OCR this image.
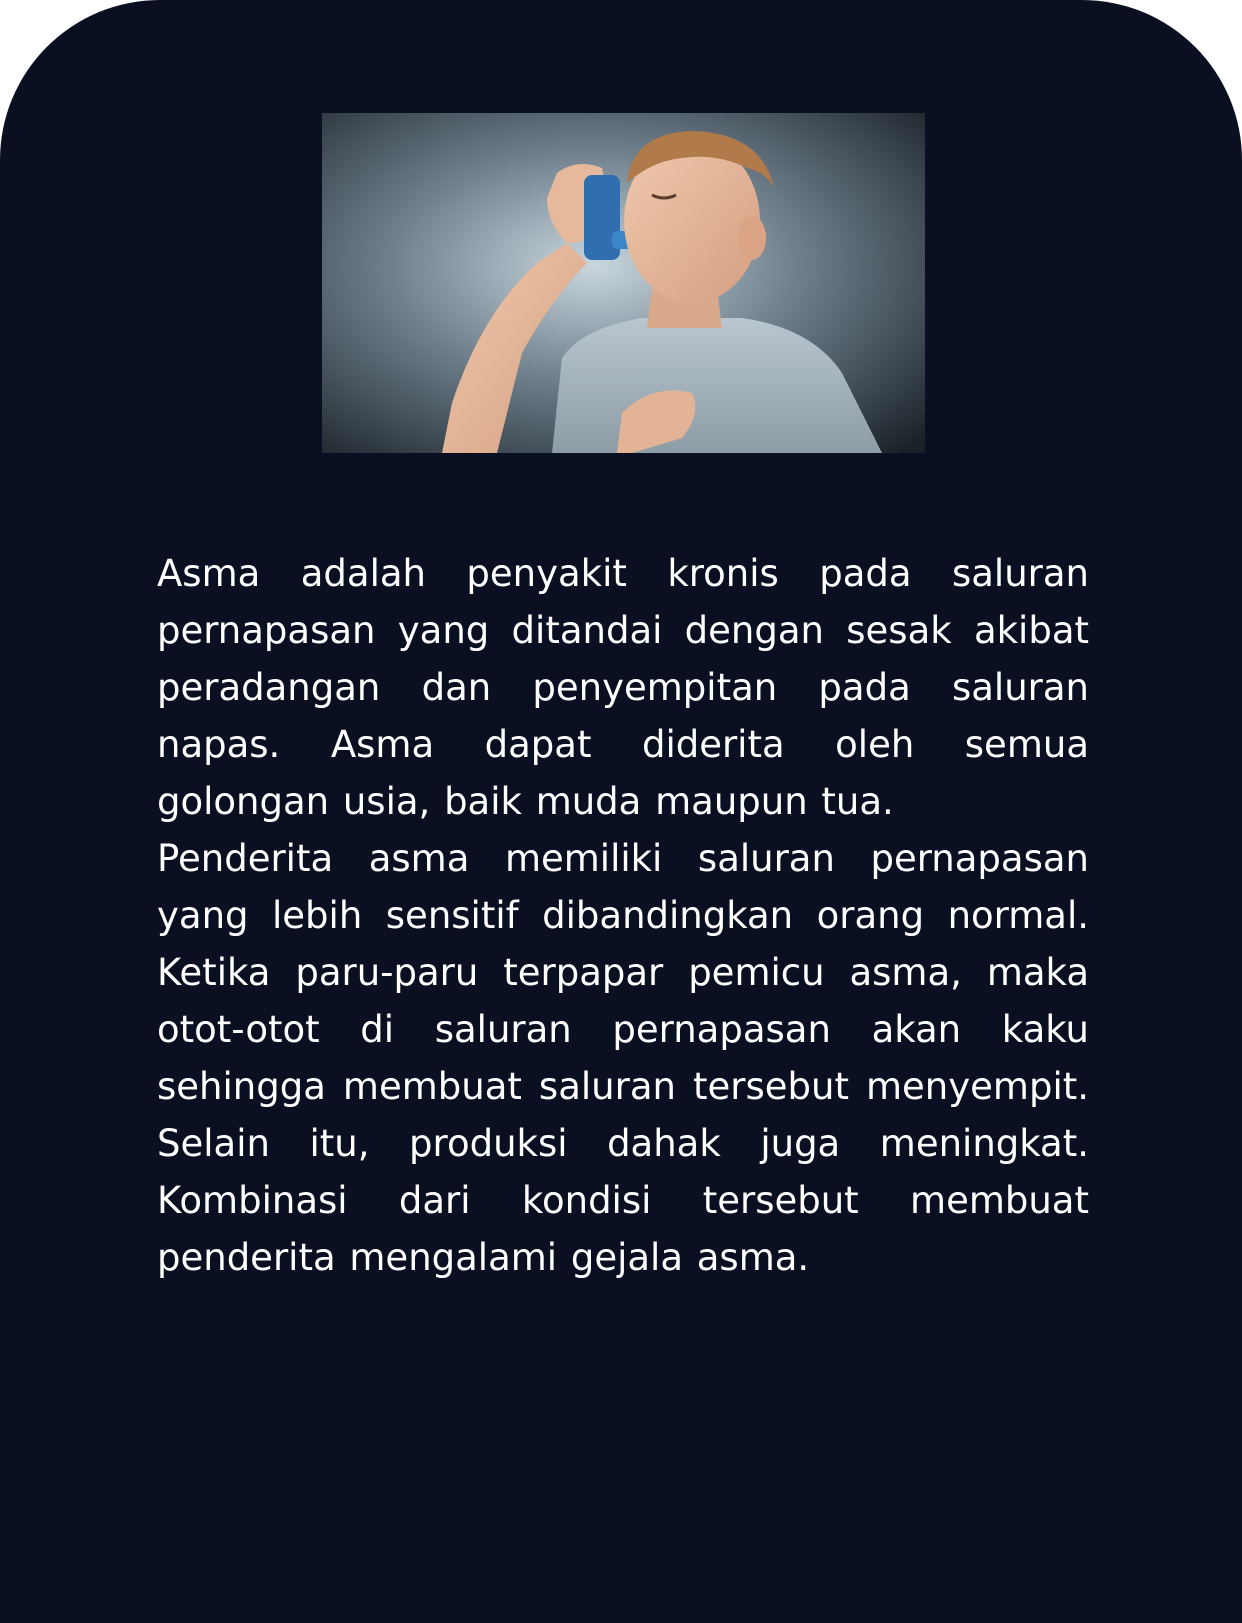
Asma adalah penyakit kronis pada saluran pernapasan yang ditandai dengan sesak akibat peradangan dan penyempitan pada saluran napas. Asma dapat diderita oleh semua golongan usia, baik muda maupun tua.

Penderita asma memiliki saluran pernapasan yang lebih sensitif dibandingkan orang normal. Ketika paru-paru terpapar pemicu asma, maka otot-otot di saluran pernapasan akan kaku sehingga membuat saluran tersebut menyempit. Selain itu, produksi dahak juga meningkat. Kombinasi dari kondisi tersebut membuat penderita mengalami gejala asma.
